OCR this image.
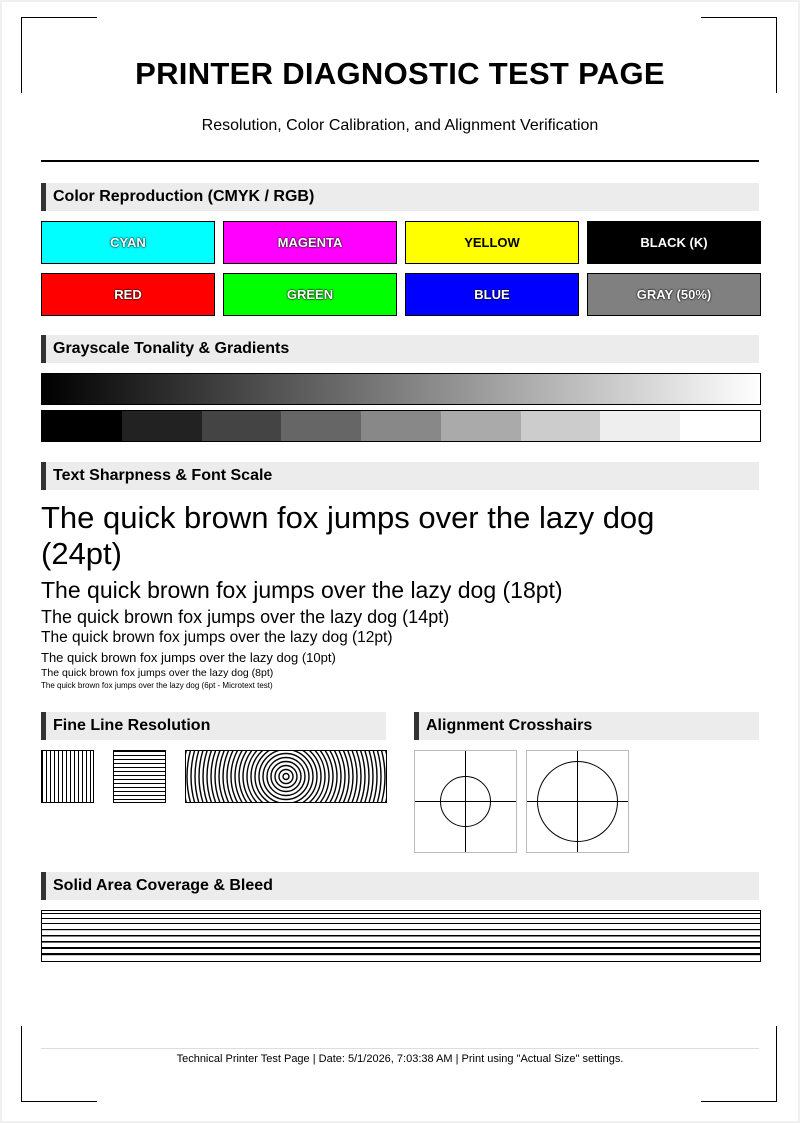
PRINTER DIAGNOSTIC TEST PAGE
Resolution, Color Calibration, and Alignment Verification
Color Reproduction (CMYK / RGB)
CYAN	MAGENTA	YELLOW	BLACK (K)
RED	GREEN	BLUE	GRAY (50%)
Grayscale Tonality & Gradients
Text Sharpness & Font Scale
The quick brown fox jumps over the lazy dog (24pt)
The quick brown fox jumps over the lazy dog (18pt)
The quick brown fox jumps over the lazy dog (14pt)
The quick brown fox jumps over the lazy dog (12pt)
The quick brown fox jumps over the lazy dog (10pt)
The quick brown fox jumps over the lazy dog (8pt)
The quick brown fox jumps over the lazy dog (6pt - Microtext test)
Fine Line Resolution	Alignment Crosshairs
Solid Area Coverage & Bleed
Technical Printer Test Page | Date: 5/1/2026, 7:03:38 AM | Print using "Actual Size" settings.
